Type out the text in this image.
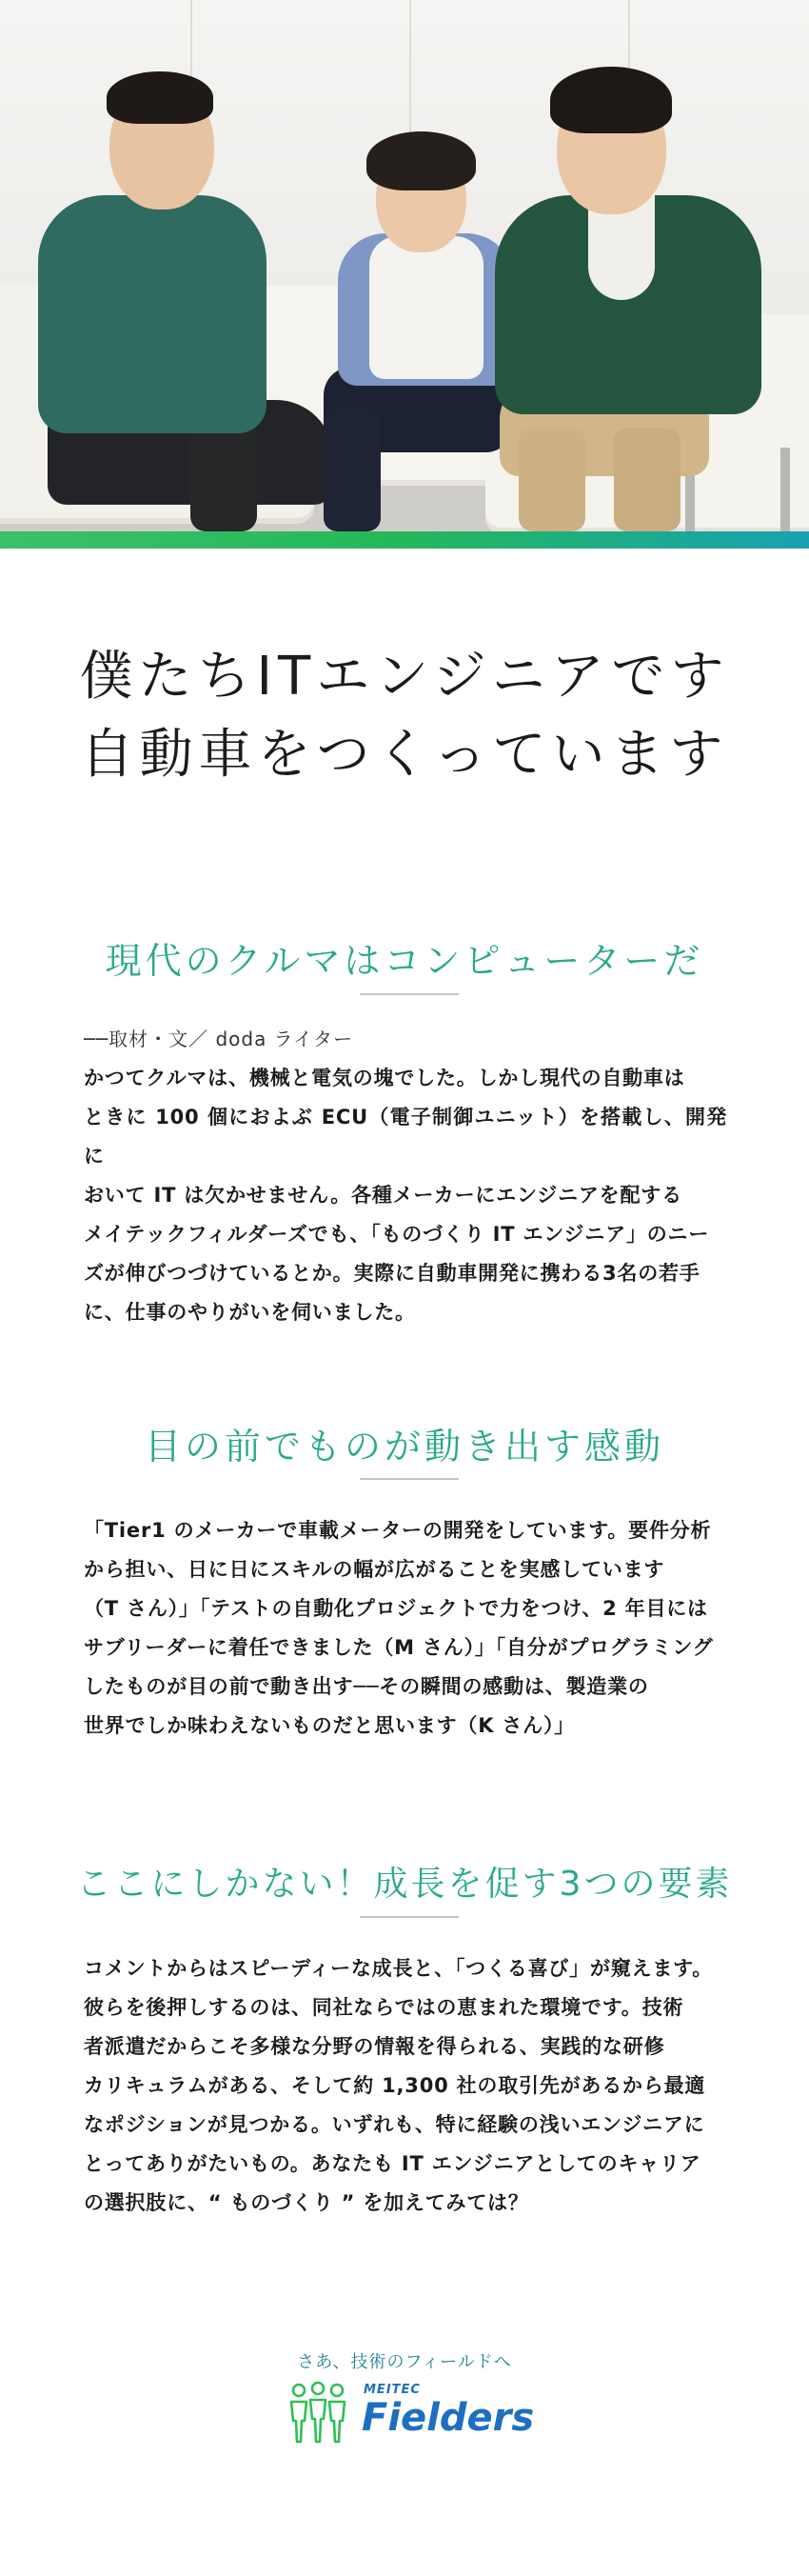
僕たちITエンジニアです
自動車をつくっています
現代のクルマはコンピューターだ
──取材・文／ doda ライター
かつてクルマは、機械と電気の塊でした。しかし現代の自動車は
ときに 100 個におよぶ ECU（電子制御ユニット）を搭載し、開発に
おいて IT は欠かせません。各種メーカーにエンジニアを配する
メイテックフィルダーズでも、「ものづくり IT エンジニア」のニー
ズが伸びつづけているとか。実際に自動車開発に携わる3名の若手
に、仕事のやりがいを伺いました。
目の前でものが動き出す感動
「Tier1 のメーカーで車載メーターの開発をしています。要件分析
から担い、日に日にスキルの幅が広がることを実感しています
（T さん）」「テストの自動化プロジェクトで力をつけ、2 年目には
サブリーダーに着任できました（M さん）」「自分がプログラミング
したものが目の前で動き出す──その瞬間の感動は、製造業の
世界でしか味わえないものだと思います（K さん）」
ここにしかない！成長を促す3つの要素
コメントからはスピーディーな成長と、「つくる喜び」が窺えます。
彼らを後押しするのは、同社ならではの恵まれた環境です。技術
者派遣だからこそ多様な分野の情報を得られる、実践的な研修
カリキュラムがある、そして約 1,300 社の取引先があるから最適
なポジションが見つかる。いずれも、特に経験の浅いエンジニアに
とってありがたいもの。あなたも IT エンジニアとしてのキャリア
の選択肢に、“ ものづくり ” を加えてみては？
さあ、技術のフィールドへ
MEITEC
Fielders
